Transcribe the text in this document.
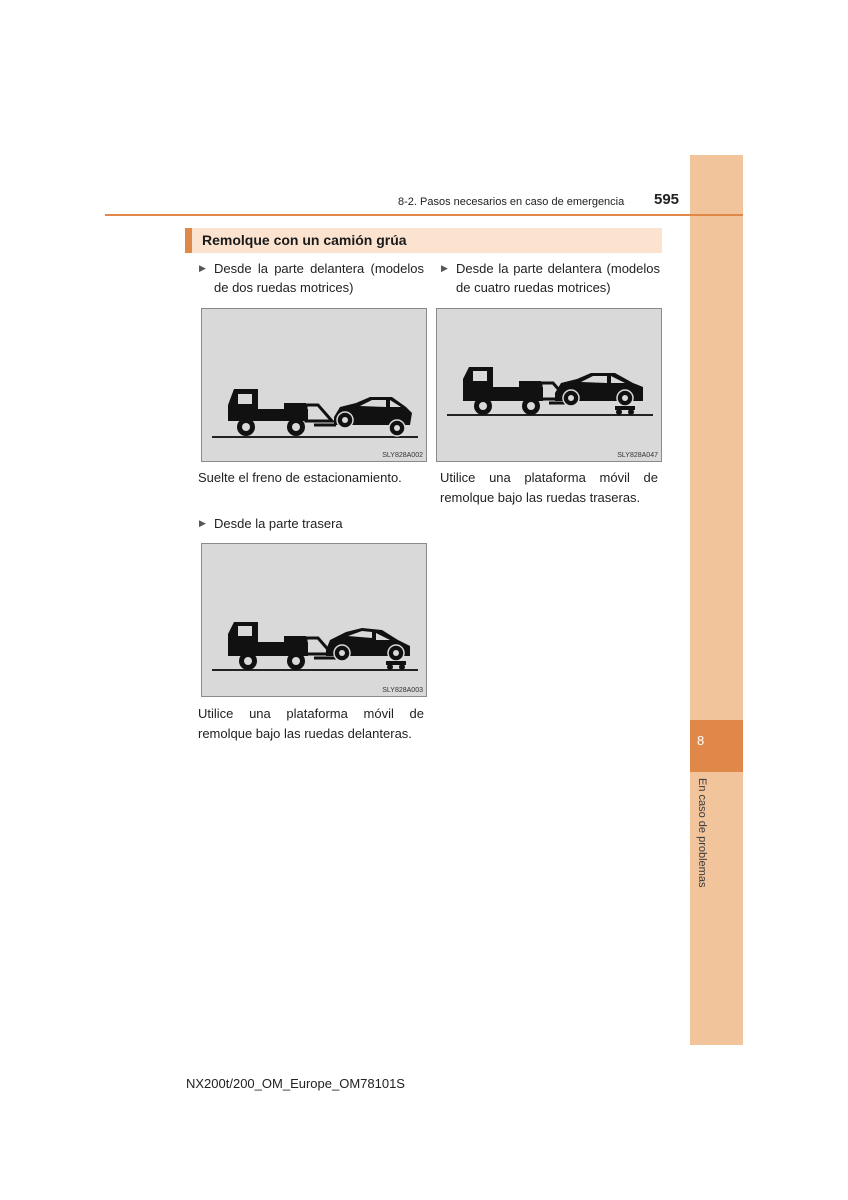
8
En caso de problemas
8-2. Pasos necesarios en caso de emergencia 595
Remolque con un camión grúa
▶ Desde la parte delantera (modelos de dos ruedas motrices)
SLY828A002
Suelte el freno de estacionamiento.
▶ Desde la parte delantera (modelos de cuatro ruedas motrices)
SLY828A047
Utilice una plataforma móvil de remolque bajo las ruedas traseras.
▶ Desde la parte trasera
SLY828A003
Utilice una plataforma móvil de remolque bajo las ruedas delanteras.
NX200t/200_OM_Europe_OM78101S
